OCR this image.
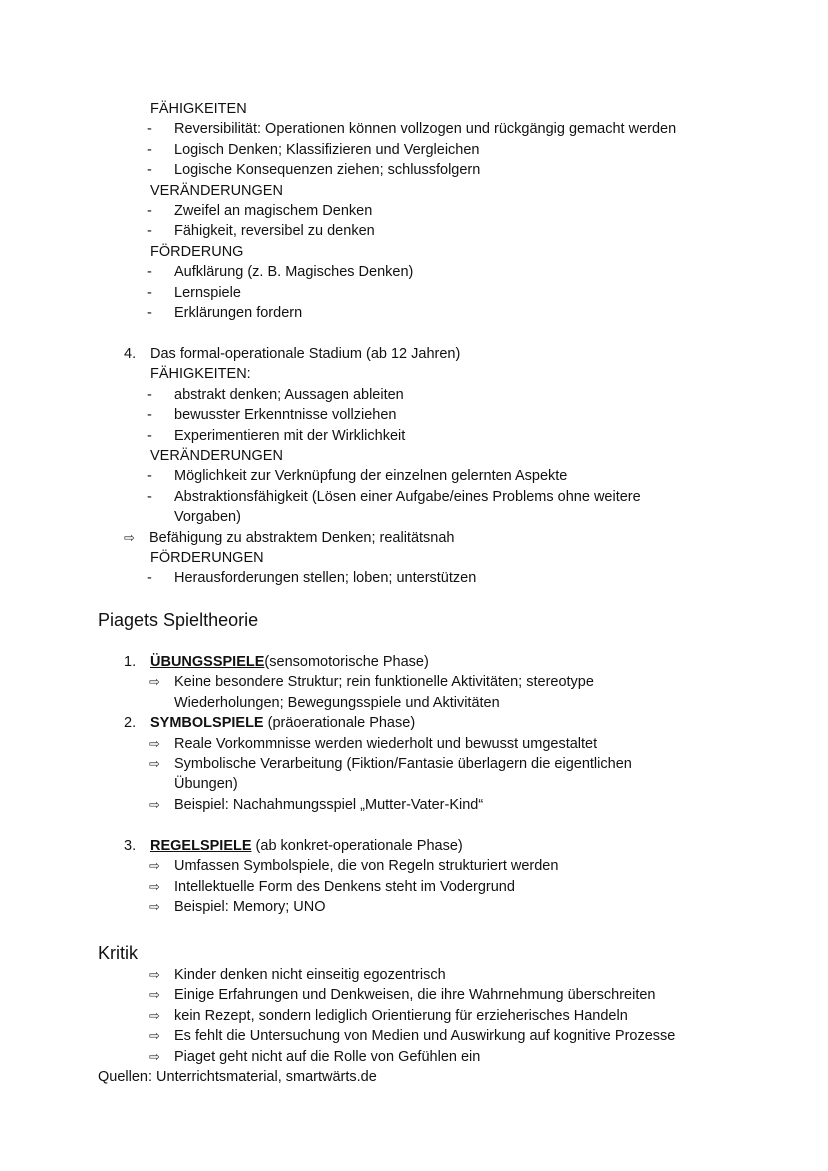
FÄHIGKEITEN
- Reversibilität: Operationen können vollzogen und rückgängig gemacht werden
- Logisch Denken; Klassifizieren und Vergleichen
- Logische Konsequenzen ziehen; schlussfolgern
VERÄNDERUNGEN
- Zweifel an magischem Denken
- Fähigkeit, reversibel zu denken
FÖRDERUNG
- Aufklärung (z. B. Magisches Denken)
- Lernspiele
- Erklärungen fordern
4. Das formal-operationale Stadium (ab 12 Jahren)
FÄHIGKEITEN:
- abstrakt denken; Aussagen ableiten
- bewusster Erkenntnisse vollziehen
- Experimentieren mit der Wirklichkeit
VERÄNDERUNGEN
- Möglichkeit zur Verknüpfung der einzelnen gelernten Aspekte
- Abstraktionsfähigkeit (Lösen einer Aufgabe/eines Problems ohne weitere
Vorgaben)
⇨ Befähigung zu abstraktem Denken; realitätsnah
FÖRDERUNGEN
- Herausforderungen stellen; loben; unterstützen
Piagets Spieltheorie
1. ÜBUNGSSPIELE(sensomotorische Phase)
⇨ Keine besondere Struktur; rein funktionelle Aktivitäten; stereotype
Wiederholungen; Bewegungsspiele und Aktivitäten
2. SYMBOLSPIELE (präoerationale Phase)
⇨ Reale Vorkommnisse werden wiederholt und bewusst umgestaltet
⇨ Symbolische Verarbeitung (Fiktion/Fantasie überlagern die eigentlichen
Übungen)
⇨ Beispiel: Nachahmungsspiel „Mutter-Vater-Kind“
3. REGELSPIELE (ab konkret-operationale Phase)
⇨ Umfassen Symbolspiele, die von Regeln strukturiert werden
⇨ Intellektuelle Form des Denkens steht im Vodergrund
⇨ Beispiel: Memory; UNO
Kritik
⇨ Kinder denken nicht einseitig egozentrisch
⇨ Einige Erfahrungen und Denkweisen, die ihre Wahrnehmung überschreiten
⇨ kein Rezept, sondern lediglich Orientierung für erzieherisches Handeln
⇨ Es fehlt die Untersuchung von Medien und Auswirkung auf kognitive Prozesse
⇨ Piaget geht nicht auf die Rolle von Gefühlen ein
Quellen: Unterrichtsmaterial, smartwärts.de
